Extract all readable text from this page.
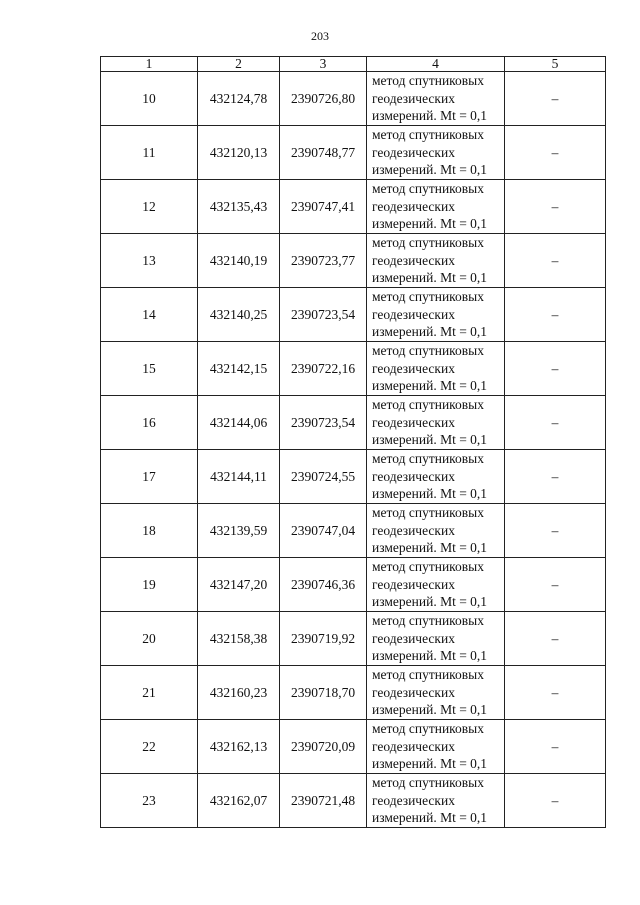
203
1	2	3	4	5
10	432124,78	2390726,80	метод спутниковых
геодезических
измерений. Mt = 0,1	–
11	432120,13	2390748,77	метод спутниковых
геодезических
измерений. Mt = 0,1	–
12	432135,43	2390747,41	метод спутниковых
геодезических
измерений. Mt = 0,1	–
13	432140,19	2390723,77	метод спутниковых
геодезических
измерений. Mt = 0,1	–
14	432140,25	2390723,54	метод спутниковых
геодезических
измерений. Mt = 0,1	–
15	432142,15	2390722,16	метод спутниковых
геодезических
измерений. Mt = 0,1	–
16	432144,06	2390723,54	метод спутниковых
геодезических
измерений. Mt = 0,1	–
17	432144,11	2390724,55	метод спутниковых
геодезических
измерений. Mt = 0,1	–
18	432139,59	2390747,04	метод спутниковых
геодезических
измерений. Mt = 0,1	–
19	432147,20	2390746,36	метод спутниковых
геодезических
измерений. Mt = 0,1	–
20	432158,38	2390719,92	метод спутниковых
геодезических
измерений. Mt = 0,1	–
21	432160,23	2390718,70	метод спутниковых
геодезических
измерений. Mt = 0,1	–
22	432162,13	2390720,09	метод спутниковых
геодезических
измерений. Mt = 0,1	–
23	432162,07	2390721,48	метод спутниковых
геодезических
измерений. Mt = 0,1	–
